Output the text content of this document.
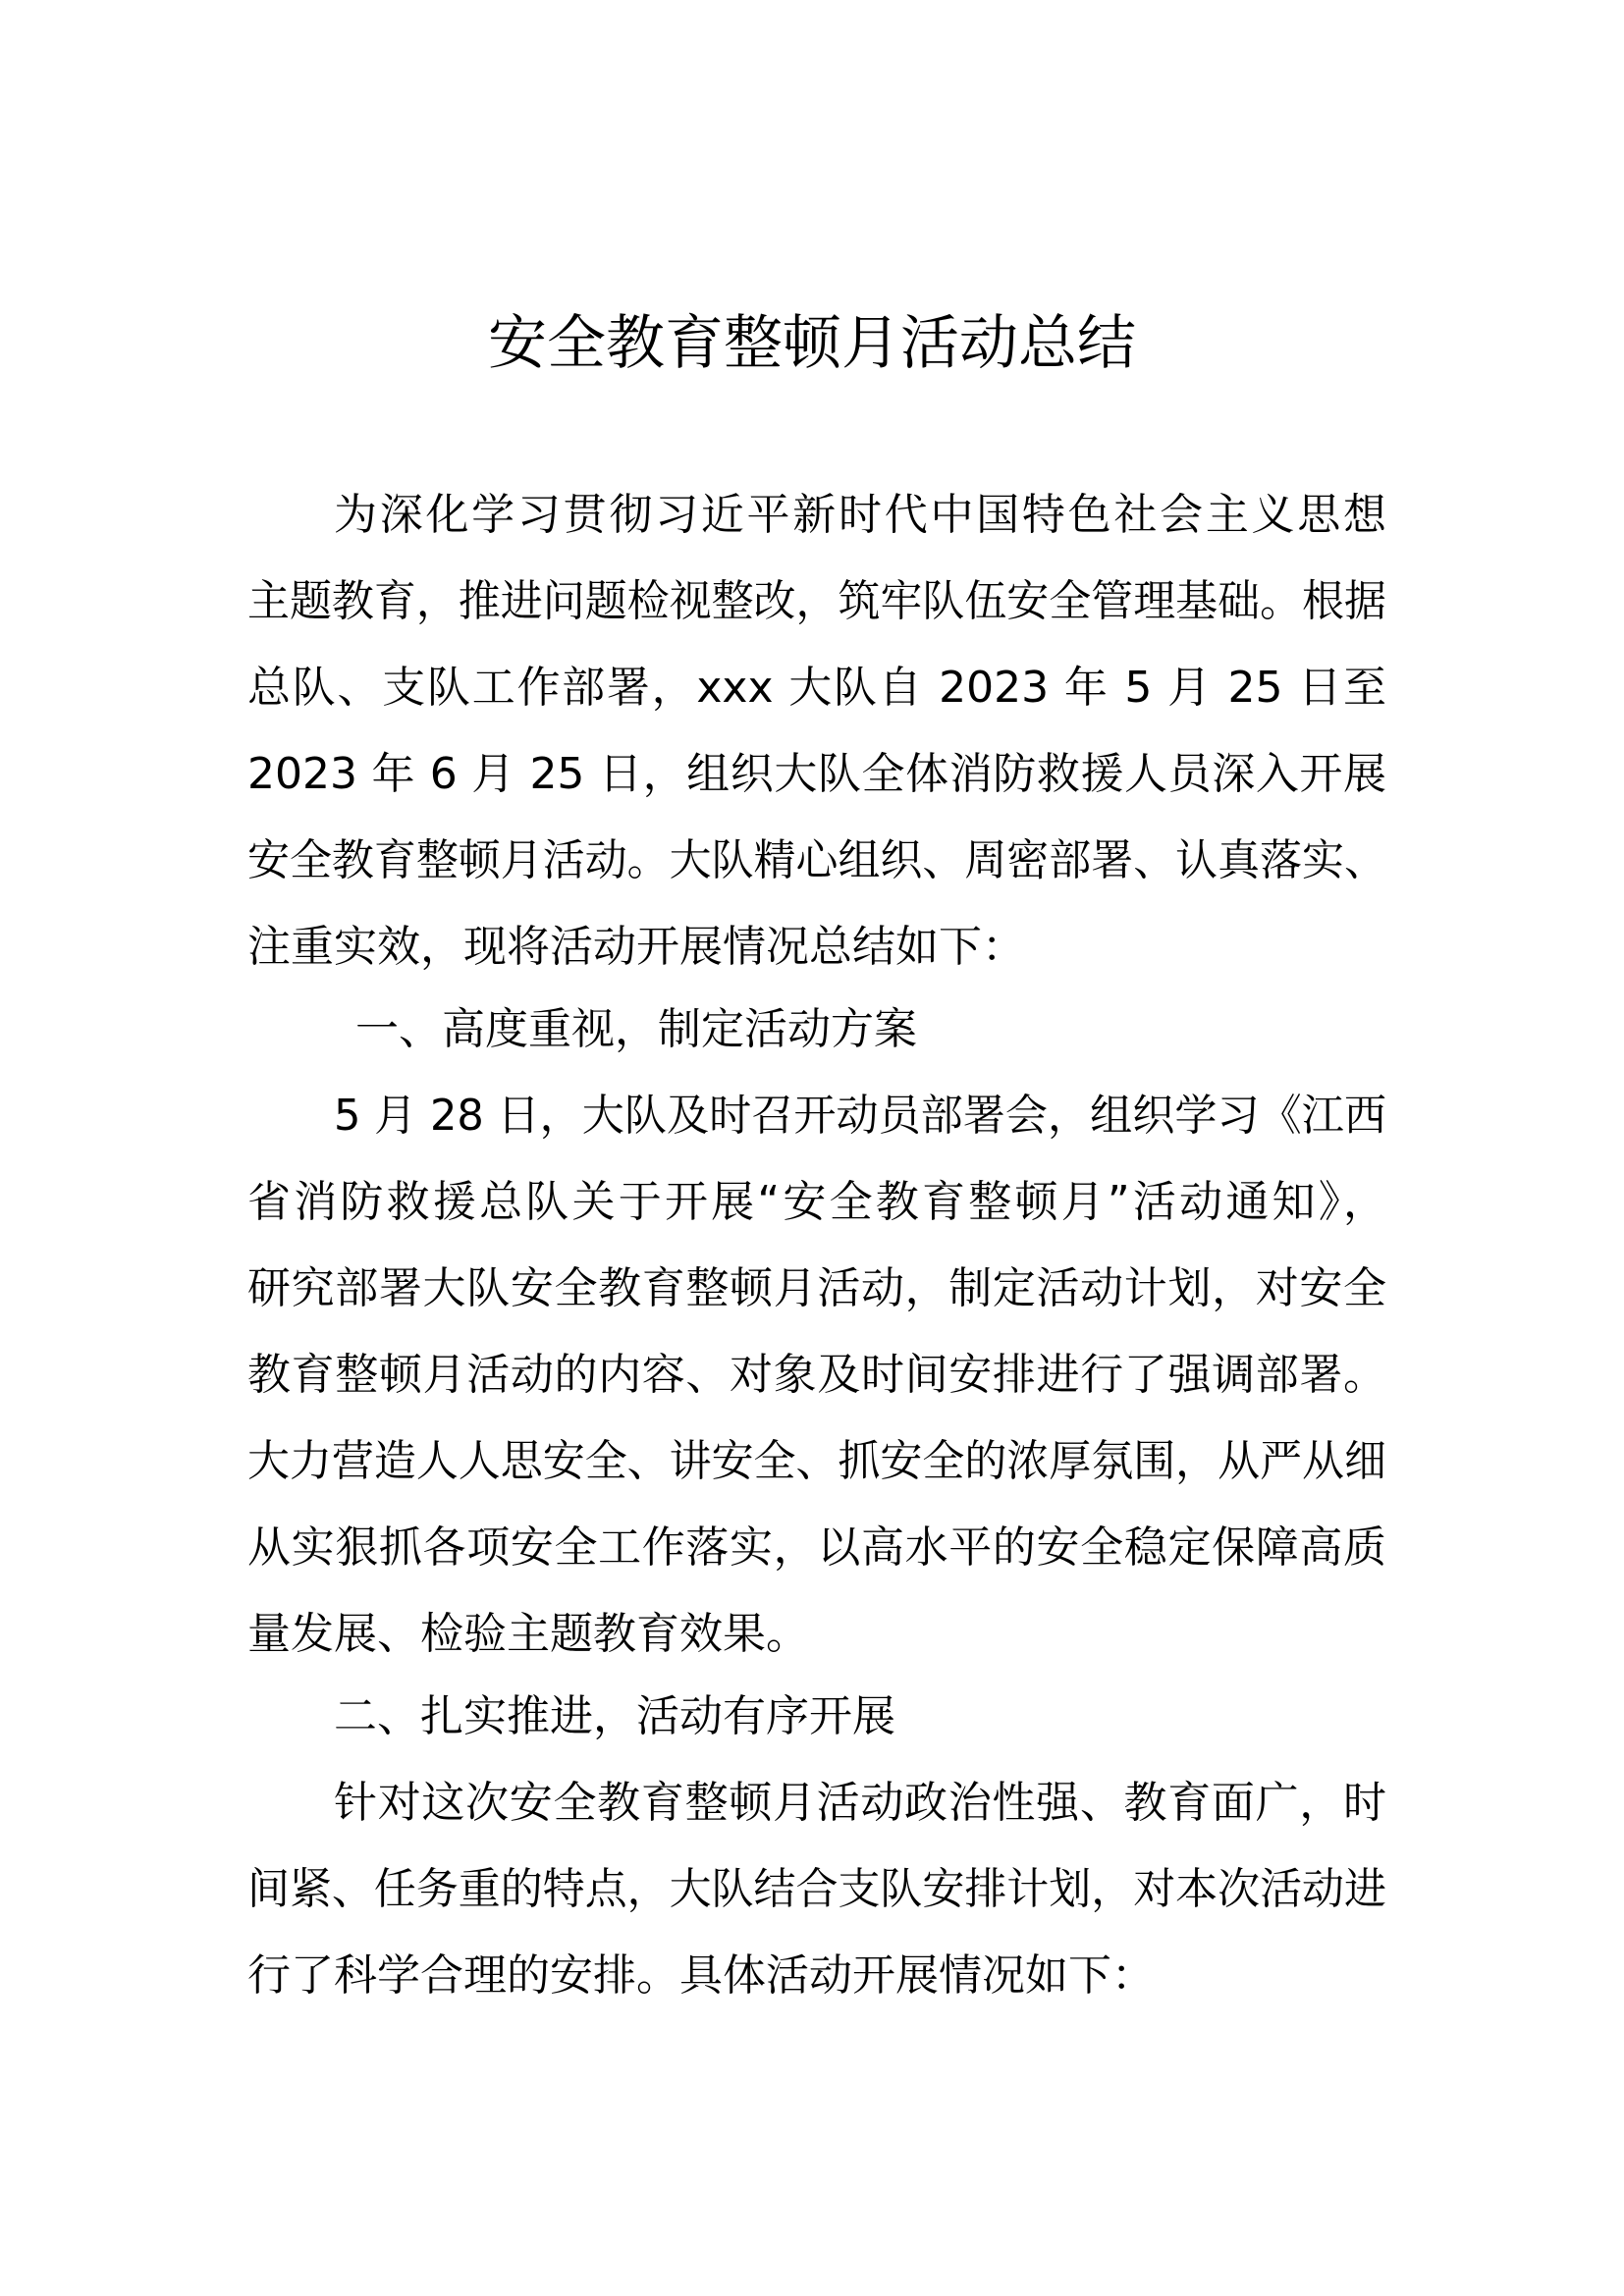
安全教育整顿月活动总结

为深化学习贯彻习近平新时代中国特色社会主义思想

主题教育，推进问题检视整改，筑牢队伍安全管理基础。根据

总队、支队工作部署，xxx 大队自 2023 年 5 月 25 日至

2023 年 6 月 25 日，组织大队全体消防救援人员深入开展

安全教育整顿月活动。大队精心组织、周密部署、认真落实、

注重实效，现将活动开展情况总结如下：

一、高度重视，制定活动方案

5 月 28 日，大队及时召开动员部署会，组织学习《江西

省消防救援总队关于开展“安全教育整顿月”活动通知》，

研究部署大队安全教育整顿月活动，制定活动计划，对安全

教育整顿月活动的内容、对象及时间安排进行了强调部署。

大力营造人人思安全、讲安全、抓安全的浓厚氛围，从严从细

从实狠抓各项安全工作落实，以高水平的安全稳定保障高质

量发展、检验主题教育效果。

二、扎实推进，活动有序开展

针对这次安全教育整顿月活动政治性强、教育面广，时

间紧、任务重的特点，大队结合支队安排计划，对本次活动进

行了科学合理的安排。具体活动开展情况如下：
